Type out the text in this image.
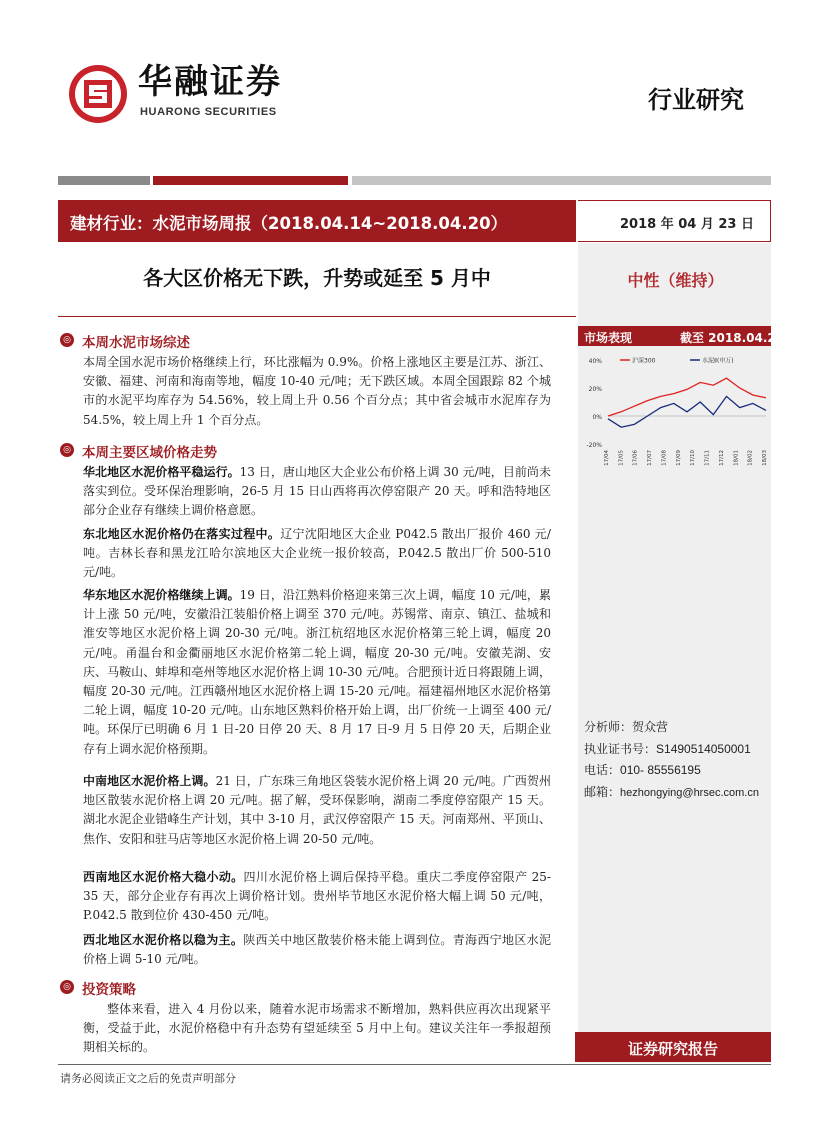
华融证券
HUARONG SECURITIES	行业研究
建材行业：水泥市场周报（2018.04.14~2018.04.20）	2018 年 04 月 23 日
中性（维持）
市场表现	截至 2018.04.22
40%
20%
0%
-20%
17/04 17/05 17/06 17/07 17/08 17/09 17/10 17/11 17/12 18/01 18/02 18/03
沪深300	水泥Ⅱ(申万)
各大区价格无下跌，升势或延至 5 月中
◎ 本周水泥市场综述
本周全国水泥市场价格继续上行，环比涨幅为 0.9%。价格上涨地区主要是江苏、浙江、安徽、福建、河南和海南等地，幅度 10-40 元/吨；无下跌区域。本周全国跟踪 82 个城市的水泥平均库存为 54.56%，较上周上升 0.56 个百分点；其中省会城市水泥库存为 54.5%，较上周上升 1 个百分点。
◎ 本周主要区域价格走势
华北地区水泥价格平稳运行。13 日，唐山地区大企业公布价格上调 30 元/吨，目前尚未落实到位。受环保治理影响，26-5 月 15 日山西将再次停窑限产 20 天。呼和浩特地区部分企业存有继续上调价格意愿。
东北地区水泥价格仍在落实过程中。辽宁沈阳地区大企业 P042.5 散出厂报价 460 元/吨。吉林长春和黑龙江哈尔滨地区大企业统一报价较高，P.042.5 散出厂价 500-510 元/吨。
华东地区水泥价格继续上调。19 日，沿江熟料价格迎来第三次上调，幅度 10 元/吨，累计上涨 50 元/吨，安徽沿江装船价格上调至 370 元/吨。苏锡常、南京、镇江、盐城和淮安等地区水泥价格上调 20-30 元/吨。浙江杭绍地区水泥价格第三轮上调，幅度 20 元/吨。甬温台和金衢丽地区水泥价格第二轮上调，幅度 20-30 元/吨。安徽芜湖、安庆、马鞍山、蚌埠和亳州等地区水泥价格上调 10-30 元/吨。合肥预计近日将跟随上调，幅度 20-30 元/吨。江西赣州地区水泥价格上调 15-20 元/吨。福建福州地区水泥价格第二轮上调，幅度 10-20 元/吨。山东地区熟料价格开始上调，出厂价统一上调至 400 元/吨。环保厅已明确 6 月 1 日-20 日停 20 天、8 月 17 日-9 月 5 日停 20 天，后期企业存有上调水泥价格预期。
中南地区水泥价格上调。21 日，广东珠三角地区袋装水泥价格上调 20 元/吨。广西贺州地区散装水泥价格上调 20 元/吨。据了解，受环保影响，湖南二季度停窑限产 15 天。湖北水泥企业错峰生产计划，其中 3-10 月，武汉停窑限产 15 天。河南郑州、平顶山、焦作、安阳和驻马店等地区水泥价格上调 20-50 元/吨。
西南地区水泥价格大稳小动。四川水泥价格上调后保持平稳。重庆二季度停窑限产 25-35 天，部分企业存有再次上调价格计划。贵州毕节地区水泥价格大幅上调 50 元/吨，P.042.5 散到位价 430-450 元/吨。
西北地区水泥价格以稳为主。陕西关中地区散装价格未能上调到位。青海西宁地区水泥价格上调 5-10 元/吨。
◎ 投资策略
整体来看，进入 4 月份以来，随着水泥市场需求不断增加，熟料供应再次出现紧平衡，受益于此，水泥价格稳中有升态势有望延续至 5 月中上旬。建议关注年一季报超预期相关标的。
分析师：贺众营
执业证书号：S1490514050001
电话：010- 85556195
邮箱：hezhongying@hrsec.com.cn
证券研究报告
请务必阅读正文之后的免责声明部分
